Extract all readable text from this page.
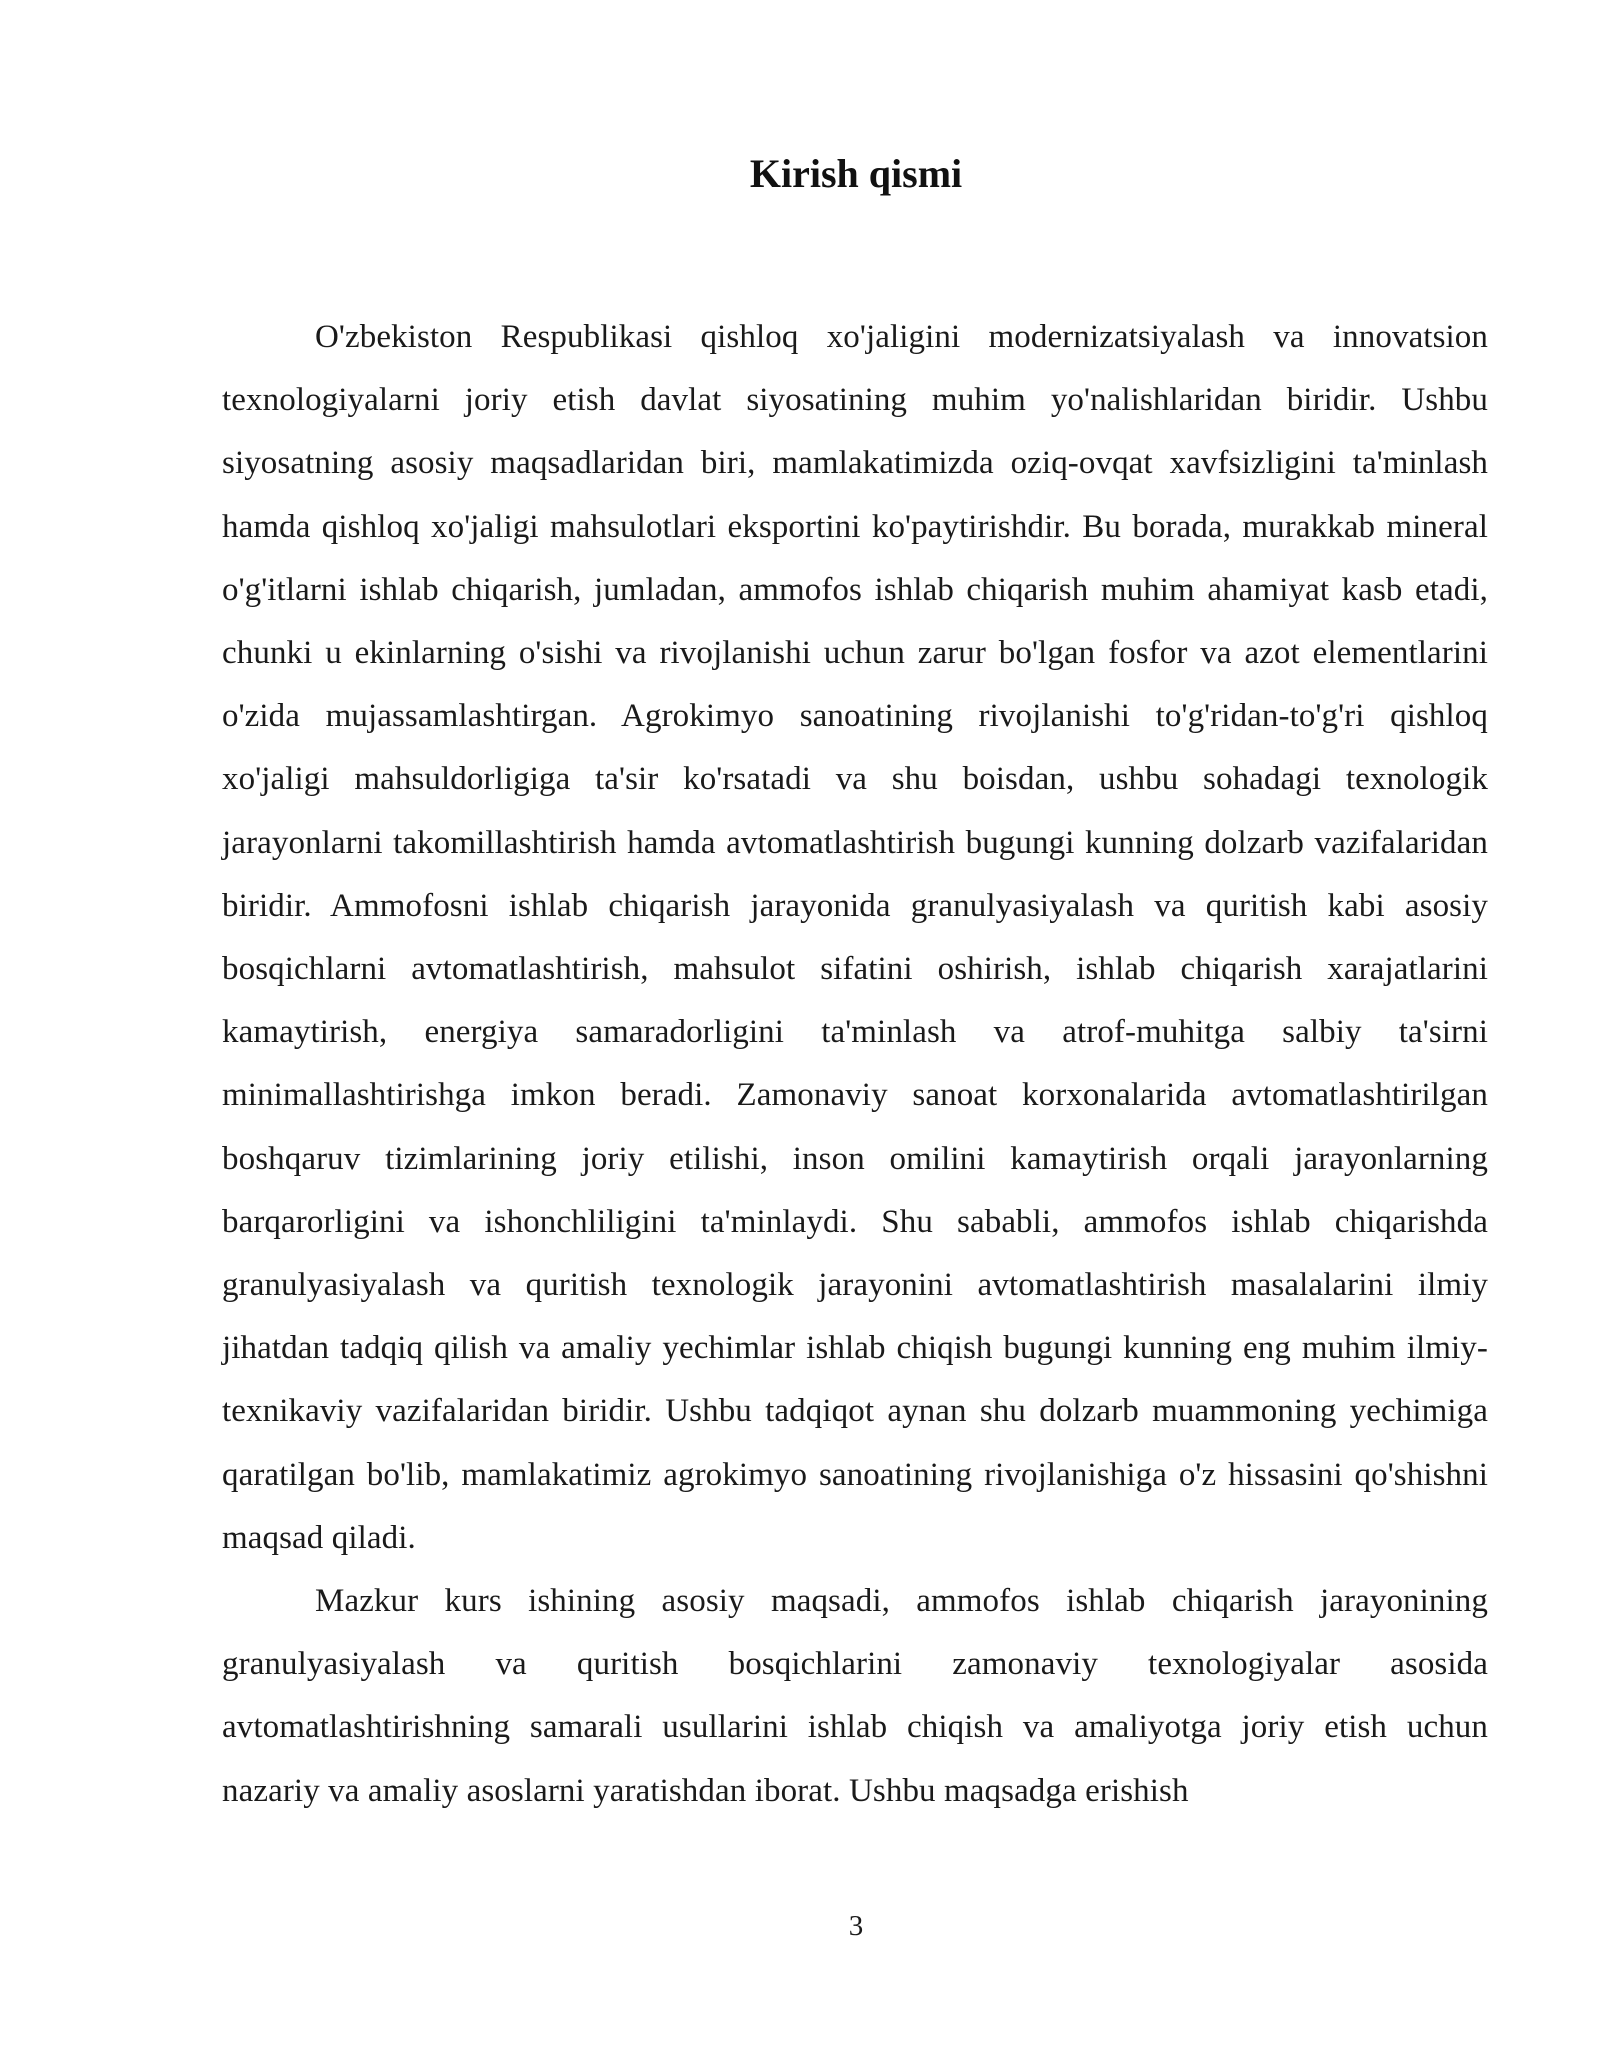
Kirish qismi

O'zbekiston Respublikasi qishloq xo'jaligini modernizatsiyalash va innovatsion texnologiyalarni joriy etish davlat siyosatining muhim yo'nalishlaridan biridir. Ushbu siyosatning asosiy maqsadlaridan biri, mamlakatimizda oziq-ovqat xavfsizligini ta'minlash hamda qishloq xo'jaligi mahsulotlari eksportini ko'paytirishdir. Bu borada, murakkab mineral o'g'itlarni ishlab chiqarish, jumladan, ammofos ishlab chiqarish muhim ahamiyat kasb etadi, chunki u ekinlarning o'sishi va rivojlanishi uchun zarur bo'lgan fosfor va azot elementlarini o'zida mujassamlashtirgan. Agrokimyo sanoatining rivojlanishi to'g'ridan-to'g'ri qishloq xo'jaligi mahsuldorligiga ta'sir ko'rsatadi va shu boisdan, ushbu sohadagi texnologik jarayonlarni takomillashtirish hamda avtomatlashtirish bugungi kunning dolzarb vazifalaridan biridir. Ammofosni ishlab chiqarish jarayonida granulyasiyalash va quritish kabi asosiy bosqichlarni avtomatlashtirish, mahsulot sifatini oshirish, ishlab chiqarish xarajatlarini kamaytirish, energiya samaradorligini ta'minlash va atrof-muhitga salbiy ta'sirni minimallashtirishga imkon beradi. Zamonaviy sanoat korxonalarida avtomatlashtirilgan boshqaruv tizimlarining joriy etilishi, inson omilini kamaytirish orqali jarayonlarning barqarorligini va ishonchliligini ta'minlaydi. Shu sababli, ammofos ishlab chiqarishda granulyasiyalash va quritish texnologik jarayonini avtomatlashtirish masalalarini ilmiy jihatdan tadqiq qilish va amaliy yechimlar ishlab chiqish bugungi kunning eng muhim ilmiy-texnikaviy vazifalaridan biridir. Ushbu tadqiqot aynan shu dolzarb muammoning yechimiga qaratilgan bo'lib, mamlakatimiz agrokimyo sanoatining rivojlanishiga o'z hissasini qo'shishni maqsad qiladi.

Mazkur kurs ishining asosiy maqsadi, ammofos ishlab chiqarish jarayonining granulyasiyalash va quritish bosqichlarini zamonaviy texnologiyalar asosida avtomatlashtirishning samarali usullarini ishlab chiqish va amaliyotga joriy etish uchun nazariy va amaliy asoslarni yaratishdan iborat. Ushbu maqsadga erishish

3
